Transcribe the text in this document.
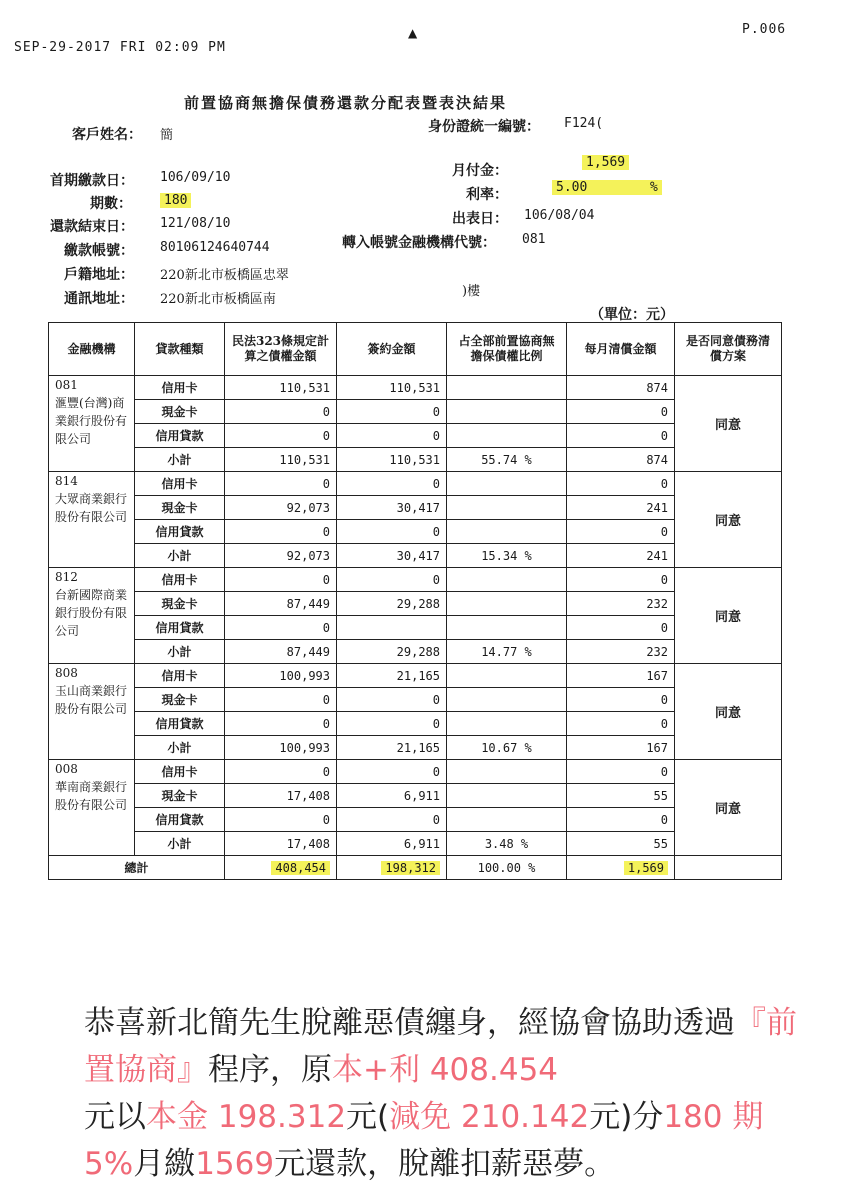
SEP-29-2017 FRI 02:09 PM
▲	P.006
前置協商無擔保債務還款分配表暨表決結果
客戶姓名： 簡
身份證統一編號： F124(
首期繳款日： 106/09/10
期數：	180
還款結束日： 121/08/10
繳款帳號： 80106124640744
戶籍地址： 220新北市板橋區忠翠
通訊地址： 220新北市板橋區南
月付金：
1,569
利率：	5.00	%
出表日： 106/08/04
轉入帳號金融機構代號： 081
)樓
（單位：元）
金融機構	貸款種類	民法323條規定計算之債權金額	簽約金額	占全部前置協商無擔保債權比例	每月清償金額	是否同意債務清償方案
081
滙豐(台灣)商業銀行股份有限公司	信用卡	110,531	110,531		874	同意
	現金卡	0	0		0	
	信用貸款	0	0		0	
	小計	110,531	110,531	55.74 %	874	
814
大眾商業銀行股份有限公司	信用卡	0	0		0	同意
	現金卡	92,073	30,417		241	
	信用貸款	0	0		0	
	小計	92,073	30,417	15.34 %	241	
812
台新國際商業銀行股份有限公司	信用卡	0	0		0	同意
	現金卡	87,449	29,288		232	
	信用貸款	0			0	
	小計	87,449	29,288	14.77 %	232	
808
玉山商業銀行股份有限公司	信用卡	100,993	21,165		167	同意
	現金卡	0	0		0	
	信用貸款	0	0		0	
	小計	100,993	21,165	10.67 %	167	
008
華南商業銀行股份有限公司	信用卡	0	0		0	同意
	現金卡	17,408	6,911		55	
	信用貸款	0	0		0	
	小計	17,408	6,911	3.48 %	55	
總計		408,454	198,312	100.00 %	1,569	
恭喜新北簡先生脫離惡債纏身，經協會協助透過『前置協商』程序，原本+利 408.454
元以本金 198.312元(減免 210.142元)分180 期 5%月繳1569元還款，脫離扣薪惡夢。
